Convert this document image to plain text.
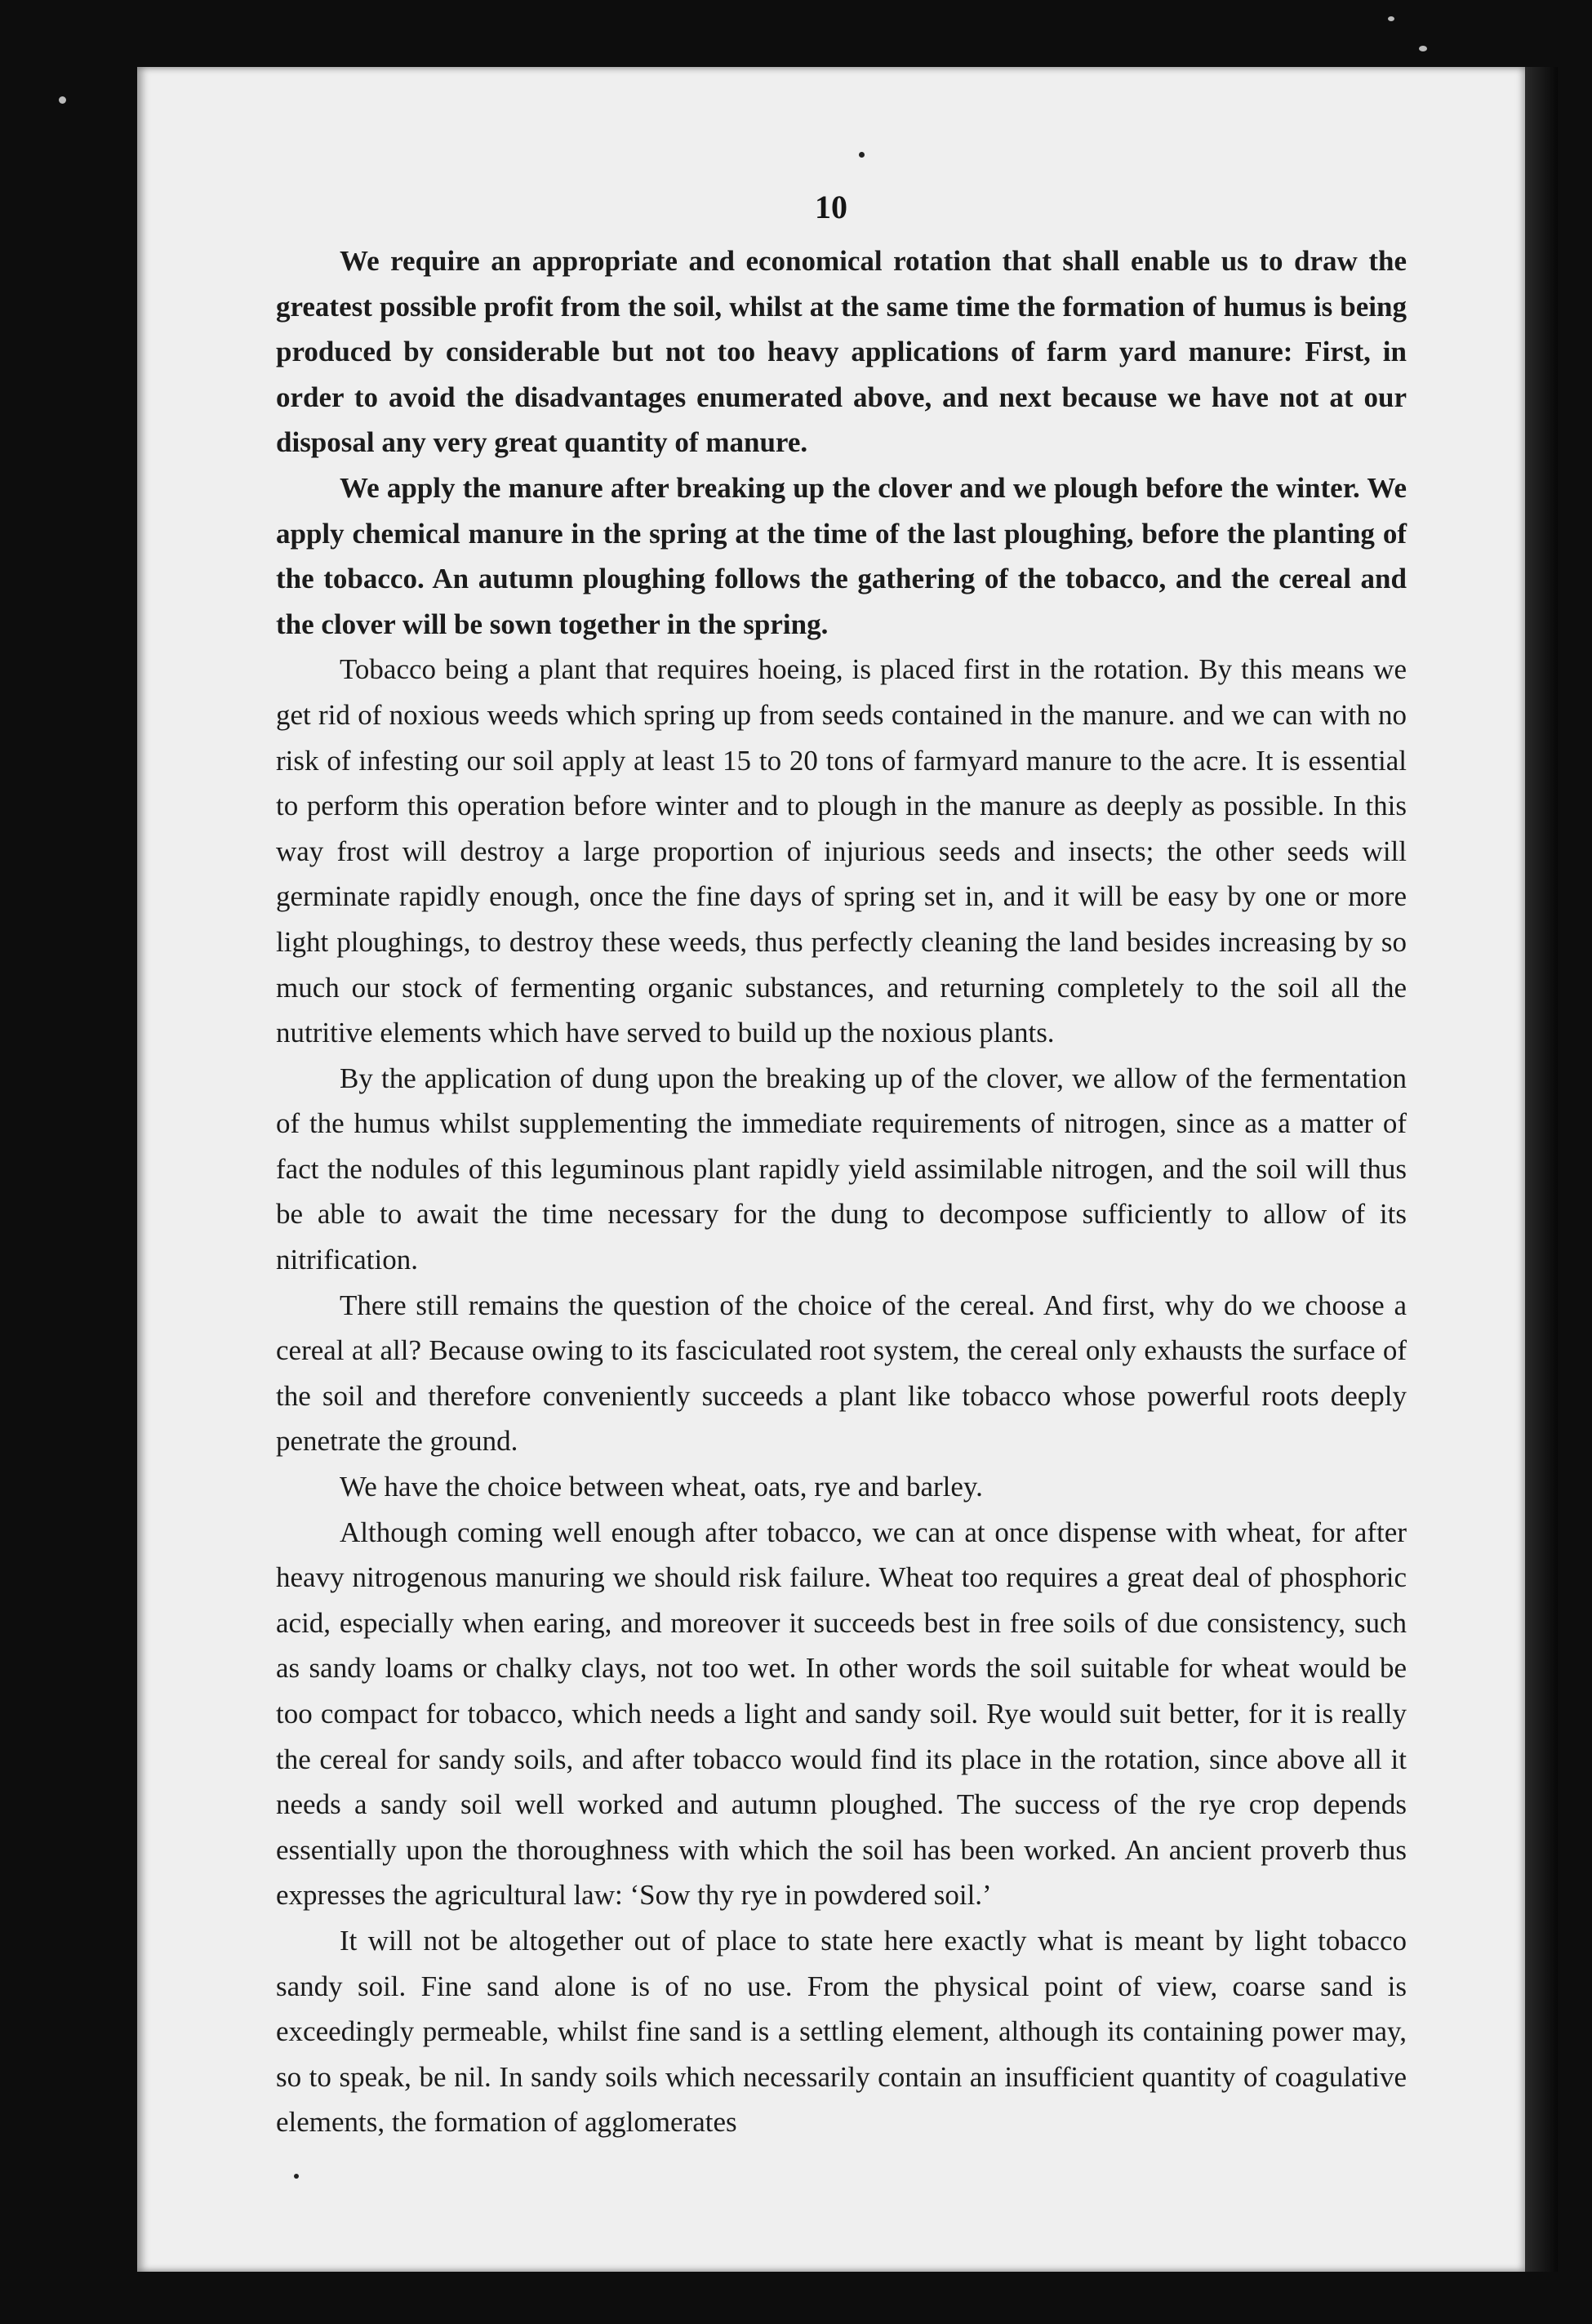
10

We require an appropriate and economical rotation that shall enable us to draw the greatest possible profit from the soil, whilst at the same time the formation of humus is being produced by considerable but not too heavy applications of farm yard manure: First, in order to avoid the disadvantages enumerated above, and next because we have not at our disposal any very great quantity of manure.

We apply the manure after breaking up the clover and we plough before the winter. We apply chemical manure in the spring at the time of the last ploughing, before the planting of the tobacco. An autumn ploughing follows the gathering of the tobacco, and the cereal and the clover will be sown together in the spring.

Tobacco being a plant that requires hoeing, is placed first in the rotation. By this means we get rid of noxious weeds which spring up from seeds contained in the manure. and we can with no risk of infesting our soil apply at least 15 to 20 tons of farmyard manure to the acre. It is essential to perform this operation before winter and to plough in the manure as deeply as possible. In this way frost will destroy a large proportion of injurious seeds and insects; the other seeds will germinate rapidly enough, once the fine days of spring set in, and it will be easy by one or more light ploughings, to destroy these weeds, thus perfectly cleaning the land besides increasing by so much our stock of fermenting organic substances, and returning completely to the soil all the nutritive elements which have served to build up the noxious plants.

By the application of dung upon the breaking up of the clover, we allow of the fermentation of the humus whilst supplementing the immediate requirements of nitrogen, since as a matter of fact the nodules of this leguminous plant rapidly yield assimilable nitrogen, and the soil will thus be able to await the time necessary for the dung to decompose sufficiently to allow of its nitrification.

There still remains the question of the choice of the cereal. And first, why do we choose a cereal at all? Because owing to its fasciculated root system, the cereal only exhausts the surface of the soil and therefore conveniently succeeds a plant like tobacco whose powerful roots deeply penetrate the ground.

We have the choice between wheat, oats, rye and barley.

Although coming well enough after tobacco, we can at once dispense with wheat, for after heavy nitrogenous manuring we should risk failure. Wheat too requires a great deal of phosphoric acid, especially when earing, and moreover it succeeds best in free soils of due consistency, such as sandy loams or chalky clays, not too wet. In other words the soil suitable for wheat would be too compact for tobacco, which needs a light and sandy soil. Rye would suit better, for it is really the cereal for sandy soils, and after tobacco would find its place in the rotation, since above all it needs a sandy soil well worked and autumn ploughed. The success of the rye crop depends essentially upon the thoroughness with which the soil has been worked. An ancient proverb thus expresses the agricultural law: ‘Sow thy rye in powdered soil.’

It will not be altogether out of place to state here exactly what is meant by light tobacco sandy soil. Fine sand alone is of no use. From the physical point of view, coarse sand is exceedingly permeable, whilst fine sand is a settling element, although its containing power may, so to speak, be nil. In sandy soils which necessarily contain an insufficient quantity of coagulative elements, the formation of agglomerates
